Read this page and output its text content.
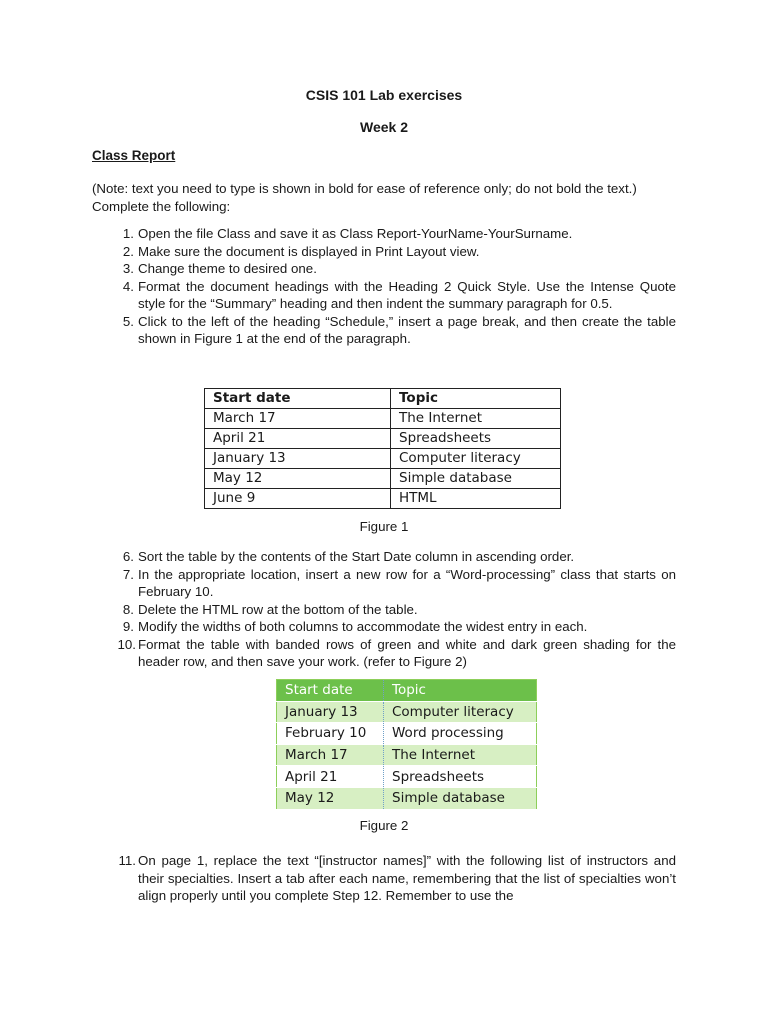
CSIS 101 Lab exercises
Week 2
Class Report
(Note: text you need to type is shown in bold for ease of reference only; do not bold the text.) Complete the following:
1. Open the file Class and save it as Class Report-YourName-YourSurname.
2. Make sure the document is displayed in Print Layout view.
3. Change theme to desired one.
4. Format the document headings with the Heading 2 Quick Style. Use the Intense Quote style for the “Summary” heading and then indent the summary paragraph for 0.5.
5. Click to the left of the heading “Schedule,” insert a page break, and then create the table shown in Figure 1 at the end of the paragraph.
Start date	Topic
March 17	The Internet
April 21	Spreadsheets
January 13	Computer literacy
May 12	Simple database
June 9	HTML
Figure 1
6. Sort the table by the contents of the Start Date column in ascending order.
7. In the appropriate location, insert a new row for a “Word-processing” class that starts on February 10.
8. Delete the HTML row at the bottom of the table.
9. Modify the widths of both columns to accommodate the widest entry in each.
10. Format the table with banded rows of green and white and dark green shading for the header row, and then save your work. (refer to Figure 2)
Start date	Topic
January 13	Computer literacy
February 10	Word processing
March 17	The Internet
April 21	Spreadsheets
May 12	Simple database
Figure 2
11. On page 1, replace the text “[instructor names]” with the following list of instructors and their specialties. Insert a tab after each name, remembering that the list of specialties won’t align properly until you complete Step 12. Remember to use the
